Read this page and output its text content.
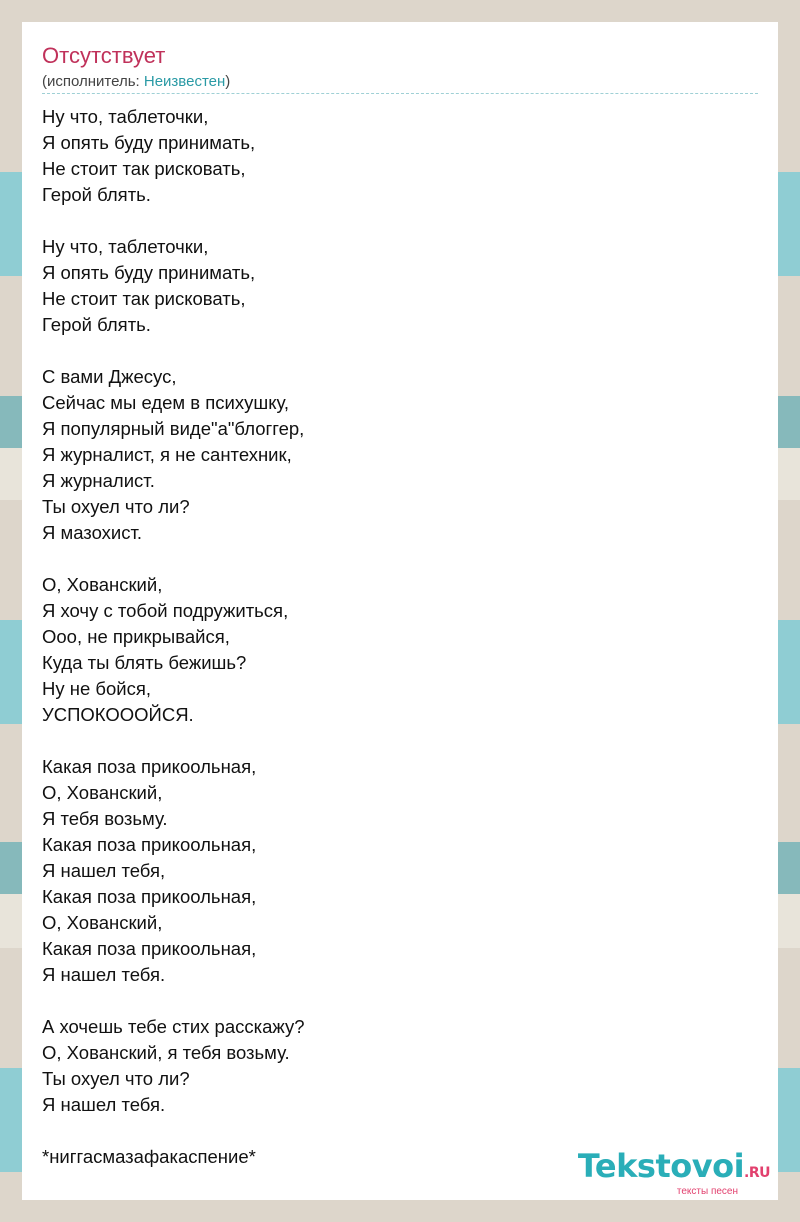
Отсутствует
(исполнитель: Неизвестен)
Ну что, таблеточки,
Я опять буду принимать,
Не стоит так рисковать,
Герой блять.
Ну что, таблеточки,
Я опять буду принимать,
Не стоит так рисковать,
Герой блять.
С вами Джесус,
Сейчас мы едем в психушку,
Я популярный виде"а"блоггер,
Я журналист, я не сантехник,
Я журналист.
Ты охуел что ли?
Я мазохист.
О, Хованский,
Я хочу с тобой подружиться,
Ооо, не прикрывайся,
Куда ты блять бежишь?
Ну не бойся,
УСПОКОООЙСЯ.
Какая поза прикоольная,
О, Хованский,
Я тебя возьму.
Какая поза прикоольная,
Я нашел тебя,
Какая поза прикоольная,
О, Хованский,
Какая поза прикоольная,
Я нашел тебя.
А хочешь тебе стих расскажу?
О, Хованский, я тебя возьму.
Ты охуел что ли?
Я нашел тебя.
*ниггасмазафакаспение*	Tekstovoi.RU
тексты песен
